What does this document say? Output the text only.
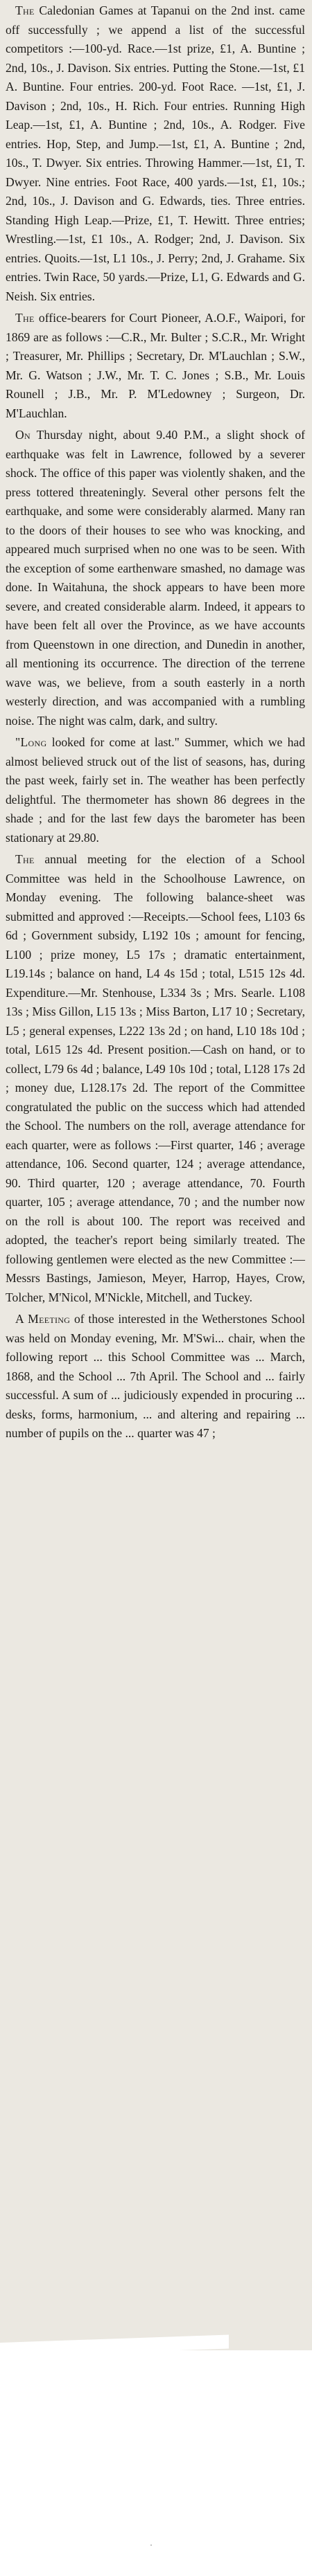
The Caledonian Games at Tapanui on the 2nd inst. came off successfully ; we append a list of the successful competitors :—100-yd. Race.—1st prize, £1, A. Buntine ; 2nd, 10s., J. Davison. Six entries. Putting the Stone.—1st, £1 A. Buntine. Four entries. 200-yd. Foot Race. —1st, £1, J. Davison ; 2nd, 10s., H. Rich. Four entries. Running High Leap.—1st, £1, A. Buntine ; 2nd, 10s., A. Rodger. Five entries. Hop, Step, and Jump.—1st, £1, A. Buntine ; 2nd, 10s., T. Dwyer. Six entries. Throwing Hammer.—1st, £1, T. Dwyer. Nine entries. Foot Race, 400 yards.—1st, £1, 10s.; 2nd, 10s., J. Davison and G. Edwards, ties. Three entries. Standing High Leap.—Prize, £1, T. Hewitt. Three entries; Wrestling.—1st, £1 10s., A. Rodger; 2nd, J. Davison. Six entries. Quoits.—1st, L1 10s., J. Perry; 2nd, J. Grahame. Six entries. Twin Race, 50 yards.—Prize, L1, G. Edwards and G. Neish. Six entries.

The office-bearers for Court Pioneer, A.O.F., Waipori, for 1869 are as follows :—C.R., Mr. Bulter ; S.C.R., Mr. Wright ; Treasurer, Mr. Phillips ; Secretary, Dr. M'Lauchlan ; S.W., Mr. G. Watson ; J.W., Mr. T. C. Jones ; S.B., Mr. Louis Rounell ; J.B., Mr. P. M'Ledowney ; Surgeon, Dr. M'Lauchlan.

On Thursday night, about 9.40 P.M., a slight shock of earthquake was felt in Lawrence, followed by a severer shock. The office of this paper was violently shaken, and the press tottered threateningly. Several other persons felt the earthquake, and some were considerably alarmed. Many ran to the doors of their houses to see who was knocking, and appeared much surprised when no one was to be seen. With the exception of some earthenware smashed, no damage was done. In Waitahuna, the shock appears to have been more severe, and created considerable alarm. Indeed, it appears to have been felt all over the Province, as we have accounts from Queenstown in one direction, and Dunedin in another, all mentioning its occurrence. The direction of the terrene wave was, we believe, from a south easterly in a north westerly direction, and was accompanied with a rumbling noise. The night was calm, dark, and sultry.

"Long looked for come at last." Summer, which we had almost believed struck out of the list of seasons, has, during the past week, fairly set in. The weather has been perfectly delightful. The thermometer has shown 86 degrees in the shade ; and for the last few days the barometer has been stationary at 29.80.

The annual meeting for the election of a School Committee was held in the Schoolhouse Lawrence, on Monday evening. The following balance-sheet was submitted and approved :—Receipts.—School fees, L103 6s 6d ; Government subsidy, L192 10s ; amount for fencing, L100 ; prize money, L5 17s ; dramatic entertainment, L19.14s ; balance on hand, L4 4s 15d ; total, L515 12s 4d. Expenditure.—Mr. Stenhouse, L334 3s ; Mrs. Searle. L108 13s ; Miss Gillon, L15 13s ; Miss Barton, L17 10 ; Secretary, L5 ; general expenses, L222 13s 2d ; on hand, L10 18s 10d ; total, L615 12s 4d. Present position.—Cash on hand, or to collect, L79 6s 4d ; balance, L49 10s 10d ; total, L128 17s 2d ; money due, L128.17s 2d. The report of the Committee congratulated the public on the success which had attended the School. The numbers on the roll, average attendance for each quarter, were as follows :—First quarter, 146 ; average attendance, 106. Second quarter, 124 ; average attendance, 90. Third quarter, 120 ; average attendance, 70. Fourth quarter, 105 ; average attendance, 70 ; and the number now on the roll is about 100. The report was received and adopted, the teacher's report being similarly treated. The following gentlemen were elected as the new Committee :—Messrs Bastings, Jamieson, Meyer, Harrop, Hayes, Crow, Tolcher, M'Nicol, M'Nickle, Mitchell, and Tuckey.

A Meeting of those interested in the Wetherstones School was held on Monday evening, Mr. M'Swi... chair, when the following report ... this School Committee was ... March, 1868, and the School ... 7th April. The School and ... fairly successful. A sum of ... judiciously expended in procuring ... desks, forms, harmonium, ... and altering and repairing ... number of pupils on the ... quarter was 47 ;

·
